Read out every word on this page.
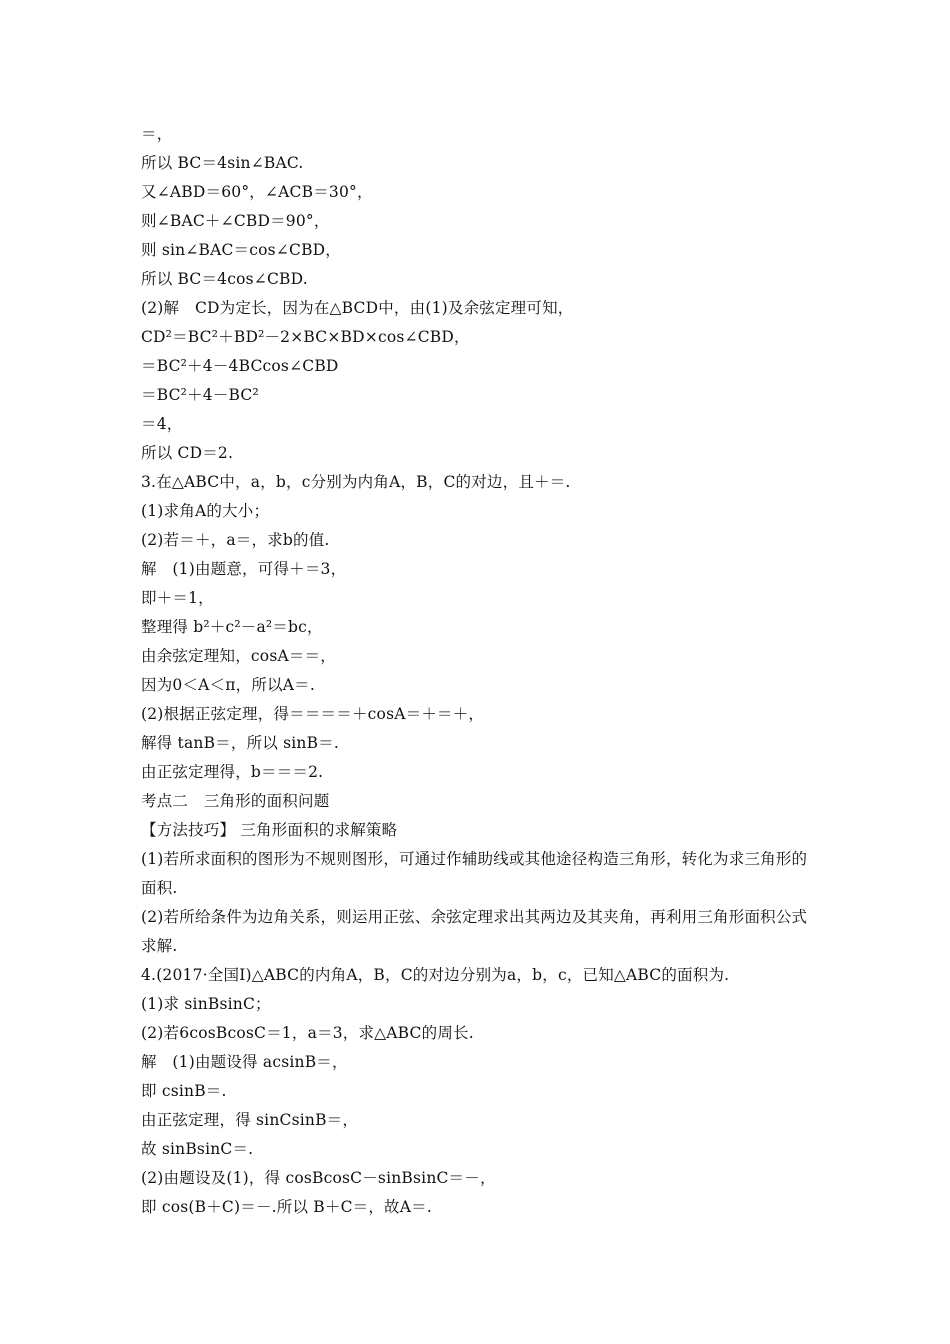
＝，
所以 BC＝4sin∠BAC.
又∠ABD＝60°，∠ACB＝30°，
则∠BAC＋∠CBD＝90°，
则 sin∠BAC＝cos∠CBD，
所以 BC＝4cos∠CBD.
(2)解　CD为定长，因为在△BCD中，由(1)及余弦定理可知，
CD²＝BC²＋BD²－2×BC×BD×cos∠CBD，
＝BC²＋4－4BCcos∠CBD
＝BC²＋4－BC²
＝4，
所以 CD＝2.
3.在△ABC中，a，b，c分别为内角A，B，C的对边，且＋＝.
(1)求角A的大小；
(2)若＝＋，a＝，求b的值.
解　(1)由题意，可得＋＝3，
即＋＝1，
整理得 b²＋c²－a²＝bc，
由余弦定理知，cosA＝＝，
因为0＜A＜π，所以A＝.
(2)根据正弦定理，得＝＝＝＝＋cosA＝＋＝＋，
解得 tanB＝，所以 sinB＝.
由正弦定理得，b＝＝＝2.
考点二　三角形的面积问题
【方法技巧】 三角形面积的求解策略
(1)若所求面积的图形为不规则图形，可通过作辅助线或其他途径构造三角形，转化为求三角形的面积.
(2)若所给条件为边角关系，则运用正弦、余弦定理求出其两边及其夹角，再利用三角形面积公式求解.
4.(2017·全国Ⅰ)△ABC的内角A，B，C的对边分别为a，b，c，已知△ABC的面积为.
(1)求 sinBsinC；
(2)若6cosBcosC＝1，a＝3，求△ABC的周长.
解　(1)由题设得 acsinB＝，
即 csinB＝.
由正弦定理，得 sinCsinB＝，
故 sinBsinC＝.
(2)由题设及(1)，得 cosBcosC－sinBsinC＝－，
即 cos(B＋C)＝－.所以 B＋C＝，故A＝.
